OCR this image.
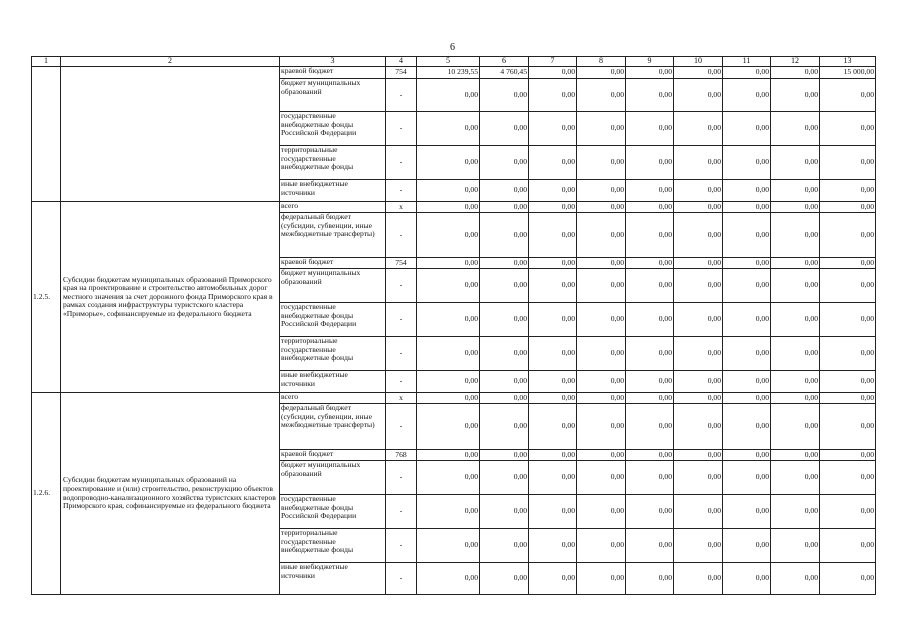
6
1	2	3	4	5	6	7	8	9	10	11	12	13
		краевой бюджет	754	10 239,55	4 760,45	0,00	0,00	0,00	0,00	0,00	0,00	15 000,00
		бюджет муниципальных образований	-	0,00	0,00	0,00	0,00	0,00	0,00	0,00	0,00	0,00
		государственные внебюджетные фонды Российской Федерации	-	0,00	0,00	0,00	0,00	0,00	0,00	0,00	0,00	0,00
		территориальные государственные внебюджетные фонды	-	0,00	0,00	0,00	0,00	0,00	0,00	0,00	0,00	0,00
		иные внебюджетные источники	-	0,00	0,00	0,00	0,00	0,00	0,00	0,00	0,00	0,00
1.2.5.	Субсидии бюджетам муниципальных образований Приморского края на проектирование и строительство автомобильных дорог местного значения за счет дорожного фонда Приморского края в рамках создания инфраструктуры туристского кластера «Приморье», софинансируемые из федерального бюджета	всего	x	0,00	0,00	0,00	0,00	0,00	0,00	0,00	0,00	0,00
		федеральный бюджет (субсидии, субвенции, иные межбюджетные трансферты)	-	0,00	0,00	0,00	0,00	0,00	0,00	0,00	0,00	0,00
		краевой бюджет	754	0,00	0,00	0,00	0,00	0,00	0,00	0,00	0,00	0,00
		бюджет муниципальных образований	-	0,00	0,00	0,00	0,00	0,00	0,00	0,00	0,00	0,00
		государственные внебюджетные фонды Российской Федерации	-	0,00	0,00	0,00	0,00	0,00	0,00	0,00	0,00	0,00
		территориальные государственные внебюджетные фонды	-	0,00	0,00	0,00	0,00	0,00	0,00	0,00	0,00	0,00
		иные внебюджетные источники	-	0,00	0,00	0,00	0,00	0,00	0,00	0,00	0,00	0,00
1.2.6.	Субсидии бюджетам муниципальных образований на проектирование и (или) строительство, реконструкцию объектов водопроводно-канализационного хозяйства туристских кластеров Приморского края, софинансируемые из федерального бюджета	всего	x	0,00	0,00	0,00	0,00	0,00	0,00	0,00	0,00	0,00
		федеральный бюджет (субсидии, субвенции, иные межбюджетные трансферты)	-	0,00	0,00	0,00	0,00	0,00	0,00	0,00	0,00	0,00
		краевой бюджет	768	0,00	0,00	0,00	0,00	0,00	0,00	0,00	0,00	0,00
		бюджет муниципальных образований	-	0,00	0,00	0,00	0,00	0,00	0,00	0,00	0,00	0,00
		государственные внебюджетные фонды Российской Федерации	-	0,00	0,00	0,00	0,00	0,00	0,00	0,00	0,00	0,00
		территориальные государственные внебюджетные фонды	-	0,00	0,00	0,00	0,00	0,00	0,00	0,00	0,00	0,00
		иные внебюджетные источники	-	0,00	0,00	0,00	0,00	0,00	0,00	0,00	0,00	0,00
